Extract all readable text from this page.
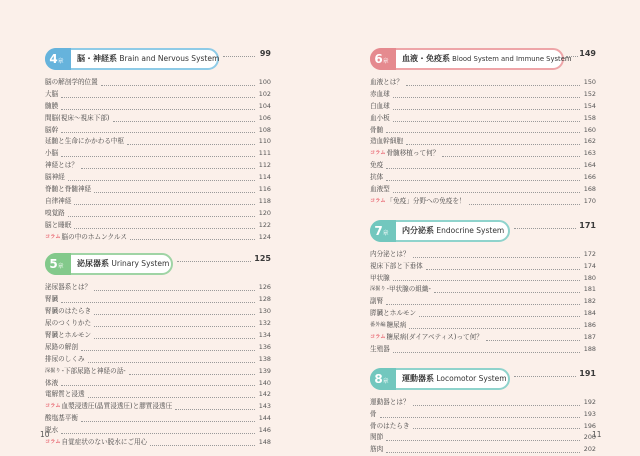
4章	脳・神経系 Brain and Nervous System
99
脳の解剖学的位置	100
大脳	102
髄膜	104
間脳(視床〜視床下部)	106
脳幹	108
延髄と生命にかかわる中枢	110
小脳	111
神経とは？	112
脳神経	114
脊髄と脊髄神経	116
自律神経	118
嗅覚路	120
脳と睡眠	122
コラム 脳の中のホムンクルス	124
5章	泌尿器系 Urinary System
125
泌尿器系とは？	126
腎臓	128
腎臓のはたらき	130
尿のつくりかた	132
腎臓とホルモン	134
尿路の解剖	136
排尿のしくみ	138
深掘り -下部尿路と神経の話-	139
体液	140
電解質と浸透	142
コラム 血漿浸透圧(晶質浸透圧)と膠質浸透圧	143
酸塩基平衡	144
脱水	146
コラム 自覚症状のない脱水にご用心	148
6章	血液・免疫系 Blood System and Immune System
149
血液とは？	150
赤血球	152
白血球	154
血小板	158
骨髄	160
造血幹細胞	162
コラム 骨髄移植って何？	163
免疫	164
抗体	166
血液型	168
コラム 「免疫」分野への免疫を！	170
7章	内分泌系 Endocrine System
171
内分泌とは？	172
視床下部と下垂体	174
甲状腺	180
深掘り -甲状腺の組織-	181
副腎	182
膵臓とホルモン	184
番外編 糖尿病	186
コラム 糖尿病(ダイアベティス)って何？	187
生殖器	188
8章	運動器系 Locomotor System
191
運動器とは？	192
骨	193
骨のはたらき	196
関節	200
筋肉	202
10	11
